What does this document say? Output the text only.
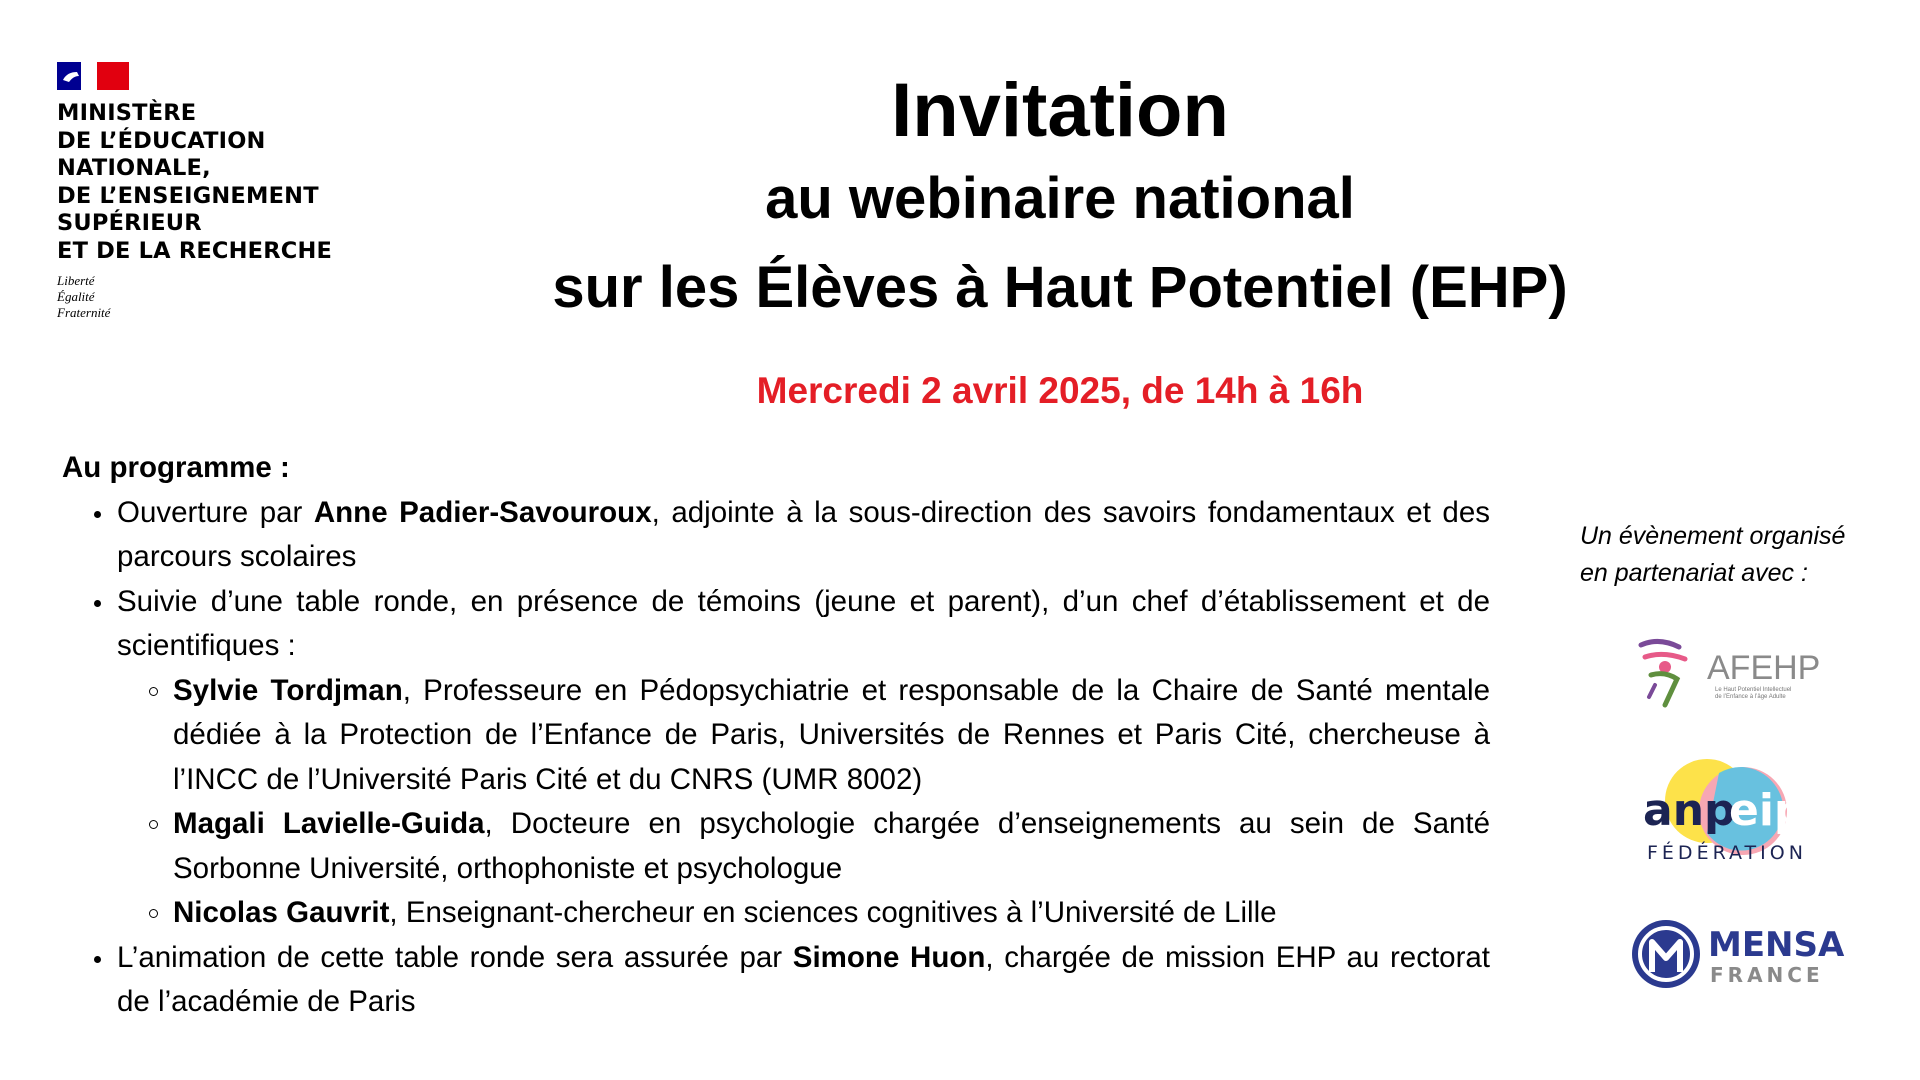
MINISTÈRE
DE L’ÉDUCATION
NATIONALE,
DE L’ENSEIGNEMENT
SUPÉRIEUR
ET DE LA RECHERCHE
Liberté
Égalité
Fraternité
Invitation
au webinaire national
sur les Élèves à Haut Potentiel (EHP)
Mercredi 2 avril 2025, de 14h à 16h
Au programme :
Ouverture par Anne Padier-Savouroux, adjointe à la sous-direction des savoirs fondamentaux et des parcours scolaires
Suivie d’une table ronde, en présence de témoins (jeune et parent), d’un chef d’établissement et de scientifiques :
Sylvie Tordjman, Professeure en Pédopsychiatrie et responsable de la Chaire de Santé mentale dédiée à la Protection de l’Enfance de Paris, Universités de Rennes et Paris Cité, chercheuse à l’INCC de l’Université Paris Cité et du CNRS (UMR 8002)
Magali Lavielle-Guida, Docteure en psychologie chargée d’enseignements au sein de Santé Sorbonne Université, orthophoniste et psychologue
Nicolas Gauvrit, Enseignant-chercheur en sciences cognitives à l’Université de Lille
L’animation de cette table ronde sera assurée par Simone Huon, chargée de mission EHP au rectorat de l’académie de Paris
Un évènement organisé
en partenariat avec :
AFEHP
Le Haut Potentiel Intellectuel
de l’Enfance à l’âge Adulte
anp
eip
FÉDÉRATION
MENSA
FRANCE
